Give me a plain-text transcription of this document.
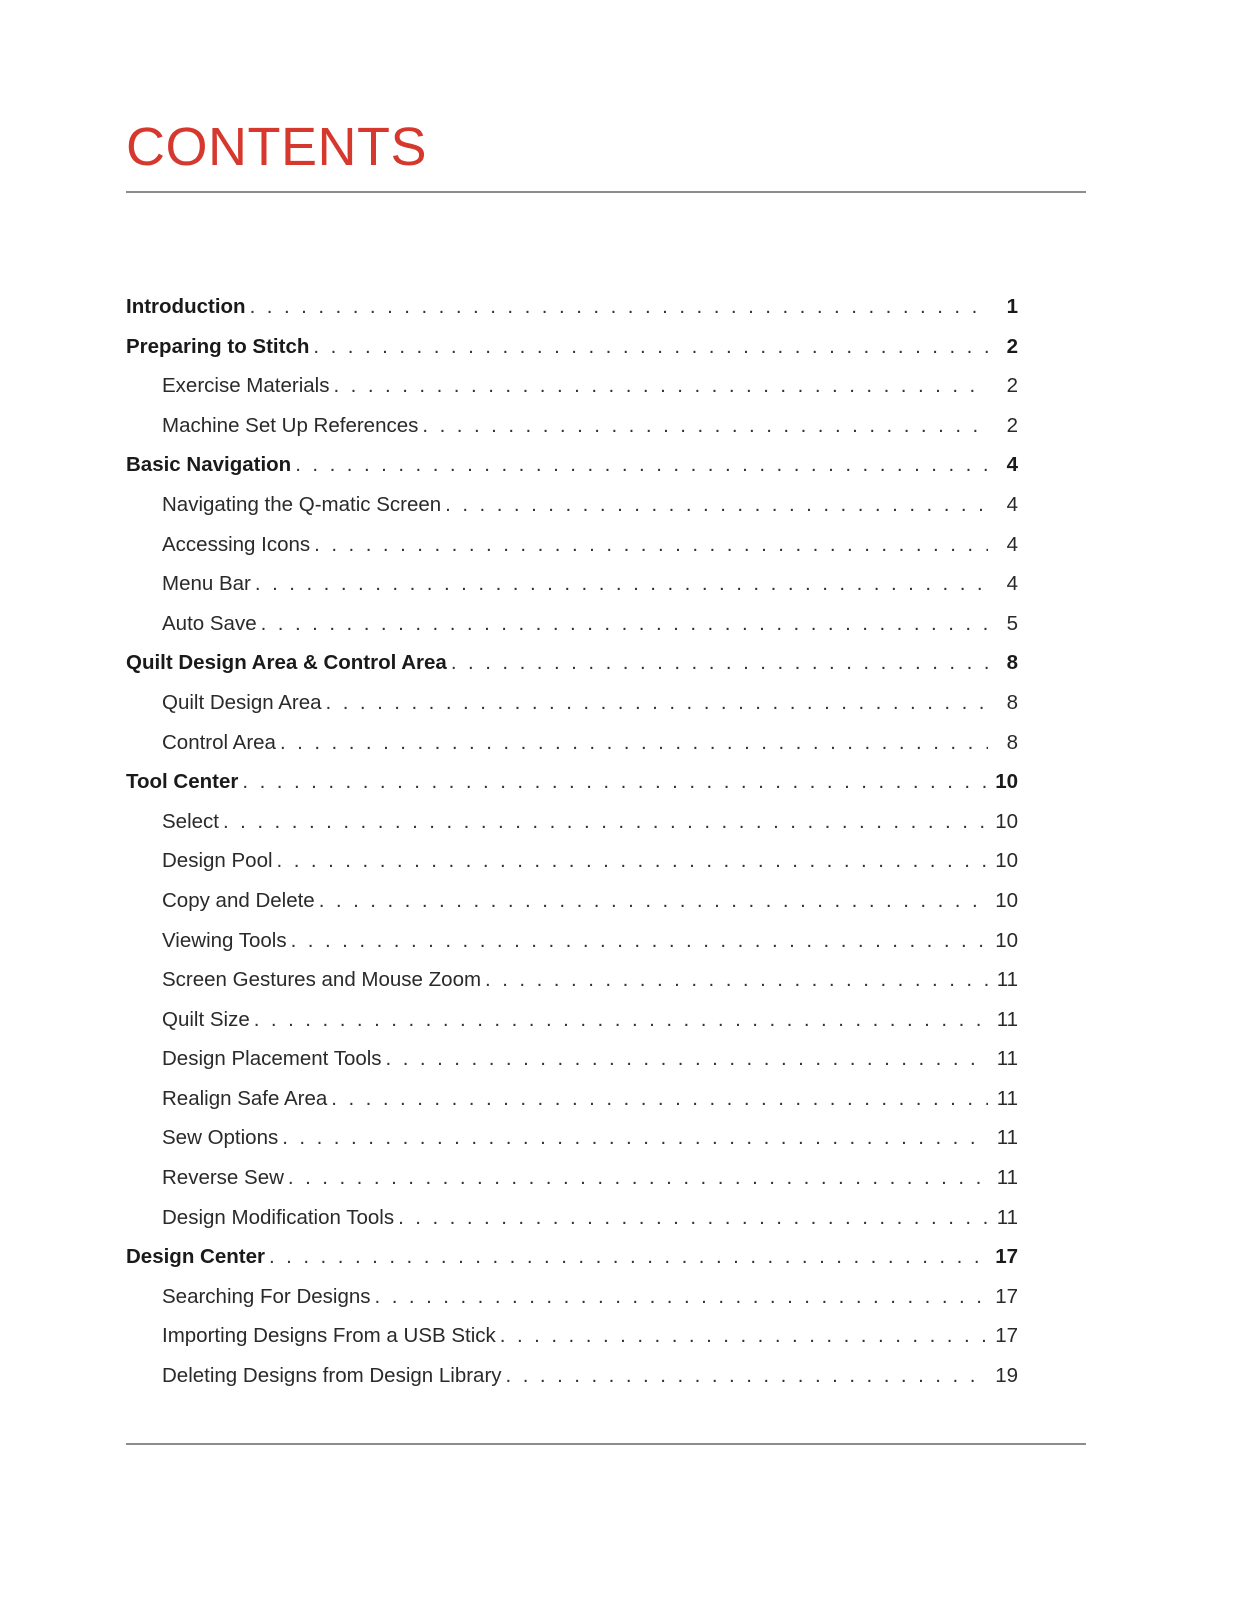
CONTENTS
Introduction . . .	1
Preparing to Stitch . . .	2
Exercise Materials . . .	2
Machine Set Up References . . .	2
Basic Navigation . . .	4
Navigating the Q-matic Screen . . .	4
Accessing Icons . . .	4
Menu Bar . . .	4
Auto Save . . .	5
Quilt Design Area & Control Area . . .	8
Quilt Design Area . . .	8
Control Area . . .	8
Tool Center . . .	10
Select . . .	10
Design Pool . . .	10
Copy and Delete . . .	10
Viewing Tools . . .	10
Screen Gestures and Mouse Zoom . . .	11
Quilt Size . . .	11
Design Placement Tools . . .	11
Realign Safe Area . . .	11
Sew Options . . .	11
Reverse Sew . . .	11
Design Modification Tools . . .	11
Design Center . . .	17
Searching For Designs . . .	17
Importing Designs From a USB Stick . . .	17
Deleting Designs from Design Library . . .	19
